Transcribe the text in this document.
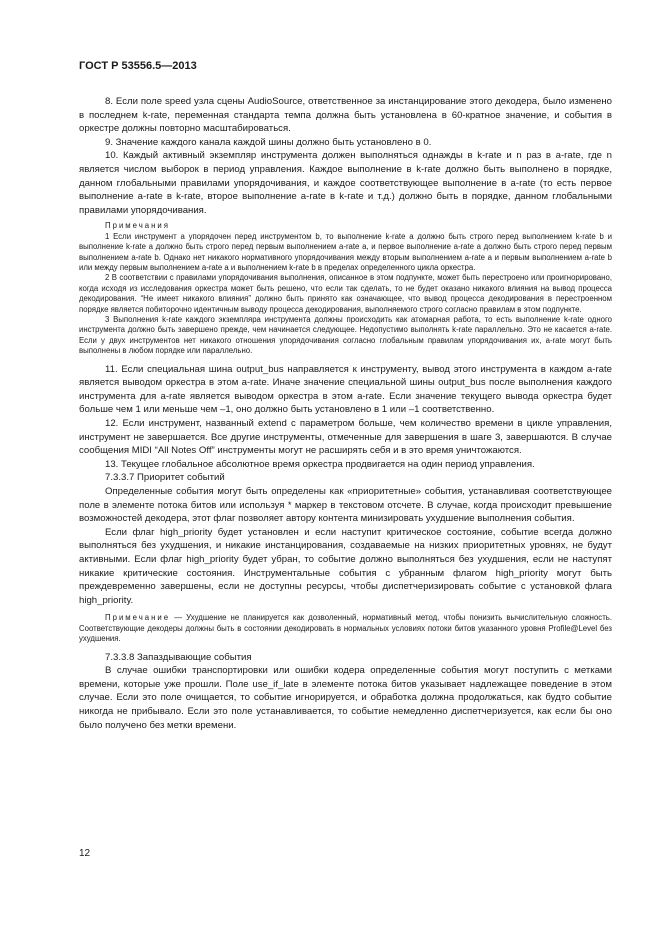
ГОСТ Р 53556.5—2013

8. Если поле speed узла сцены AudioSource, ответственное за инстанцирование этого декодера, было изменено в последнем k-rate, переменная стандарта темпа должна быть установлена в 60-кратное значение, и события в оркестре должны повторно масштабироваться.

9. Значение каждого канала каждой шины должно быть установлено в 0.

10. Каждый активный экземпляр инструмента должен выполняться однажды в k-rate и n раз в a-rate, где n является числом выборок в период управления. Каждое выполнение в k-rate должно быть выполнено в порядке, данном глобальными правилами упорядочивания, и каждое соответствующее выполнение в a-rate (то есть первое выполнение a-rate в k-rate, второе выполнение a-rate в k-rate и т.д.) должно быть в порядке, данном глобальными правилами упорядочивания.

Примечания

1 Если инструмент a упорядочен перед инструментом b, то выполнение k-rate a должно быть строго перед выполнением k-rate b и выполнение k-rate a должно быть строго перед первым выполнением a-rate a, и первое выполнение a-rate a должно быть строго перед первым выполнением a-rate b. Однако нет никакого нормативного упорядочивания между вторым выполнением a-rate a и первым выполнением a-rate b или между первым выполнением a-rate a и выполнением k-rate b в пределах определенного цикла оркестра.

2 В соответствии с правилами упорядочивания выполнения, описанное в этом подпункте, может быть перестроено или проигнорировано, когда исходя из исследования оркестра может быть решено, что если так сделать, то не будет оказано никакого влияния на вывод процесса декодирования. “Не имеет никакого влияния” должно быть принято как означающее, что вывод процесса декодирования в перестроенном порядке является побиторочно идентичным выводу процесса декодирования, выполняемого строго согласно правилам в этом подпункте.

3 Выполнения k-rate каждого экземпляра инструмента должны происходить как атомарная работа, то есть выполнение k-rate одного инструмента должно быть завершено прежде, чем начинается следующее. Недопустимо выполнять k-rate параллельно. Это не касается a-rate. Если у двух инструментов нет никакого отношения упорядочивания согласно глобальным правилам упорядочивания их, a-rate могут быть выполнены в любом порядке или параллельно.

11. Если специальная шина output_bus направляется к инструменту, вывод этого инструмента в каждом a-rate является выводом оркестра в этом a-rate. Иначе значение специальной шины output_bus после выполнения каждого инструмента для a-rate является выводом оркестра в этом a-rate. Если значение текущего вывода оркестра будет больше чем 1 или меньше чем –1, оно должно быть установлено в 1 или –1 соответственно.

12. Если инструмент, названный extend с параметром больше, чем количество времени в цикле управления, инструмент не завершается. Все другие инструменты, отмеченные для завершения в шаге 3, завершаются. В случае сообщения MIDI “All Notes Off” инструменты могут не расширять себя и в это время уничтожаются.

13. Текущее глобальное абсолютное время оркестра продвигается на один период управления.

7.3.3.7 Приоритет событий

Определенные события могут быть определены как «приоритетные» события, устанавливая соответствующее поле в элементе потока битов или используя * маркер в текстовом отсчете. В случае, когда происходит превышение возможностей декодера, этот флаг позволяет автору контента минизировать ухудшение выполнения события.

Если флаг high_priority будет установлен и если наступит критическое состояние, событие всегда должно выполняться без ухудшения, и никакие инстанцирования, создаваемые на низких приоритетных уровнях, не будут активными. Если флаг high_priority будет убран, то событие должно выполняться без ухудшения, если не наступят никакие критические состояния. Инструментальные события с убранным флагом high_priority могут быть преждевременно завершены, если не доступны ресурсы, чтобы диспетчеризировать событие с установкой флага high_priority.

Примечание — Ухудшение не планируется как дозволенный, нормативный метод, чтобы понизить вычислительную сложность. Соответствующие декодеры должны быть в состоянии декодировать в нормальных условиях потоки битов указанного уровня Profile@Level без ухудшения.

7.3.3.8 Запаздывающие события

В случае ошибки транспортировки или ошибки кодера определенные события могут поступить с метками времени, которые уже прошли. Поле use_if_late в элементе потока битов указывает надлежащее поведение в этом случае. Если это поле очищается, то событие игнорируется, и обработка должна продолжаться, как будто событие никогда не прибывало. Если это поле устанавливается, то событие немедленно диспетчеризуется, как если бы оно было получено без метки времени.

12
